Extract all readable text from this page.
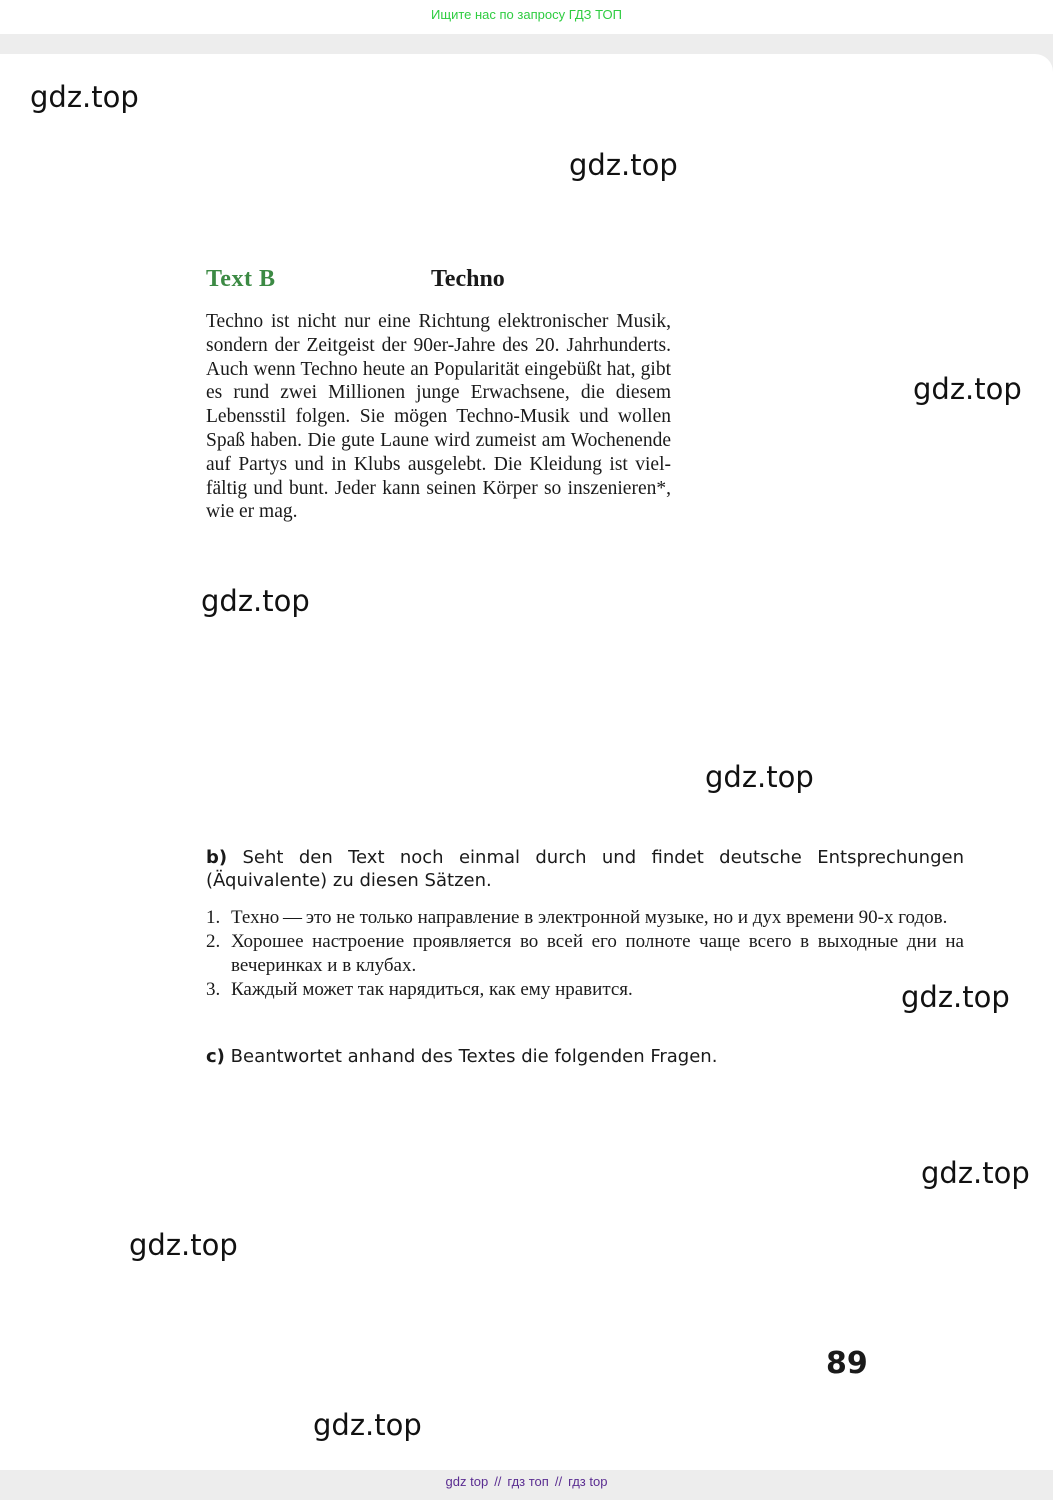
Ищите нас по запросу ГДЗ ТОП
gdz.top
gdz.top
gdz.top
gdz.top
gdz.top
gdz.top
gdz.top
gdz.top
gdz.top
Text B	Techno

Techno ist nicht nur eine Richtung elektronischer Musik, sondern der Zeitgeist der 90er-Jahre des 20. Jahrhunderts. Auch wenn Techno heute an Popularität eingebüßt hat, gibt es rund zwei Millionen junge Erwachsene, die diesem Lebensstil folgen. Sie mögen Techno-Musik und wollen Spaß haben. Die gute Laune wird zumeist am Wochenende auf Partys und in Klubs ausgelebt. Die Kleidung ist vielfältig und bunt. Jeder kann seinen Körper so inszenieren*, wie er mag.

b) Seht den Text noch einmal durch und findet deutsche Entsprechungen (Äquivalente) zu diesen Sätzen.

1. Техно — это не только направление в электронной музыке, но и дух времени 90-х годов.
2. Хорошее настроение проявляется во всей его полноте чаще всего в выходные дни на вечеринках и в клубах.
3. Каждый может так нарядиться, как ему нравится.

c) Beantwortet anhand des Textes die folgenden Fragen.

89
gdz top // гдз топ // гдз top
